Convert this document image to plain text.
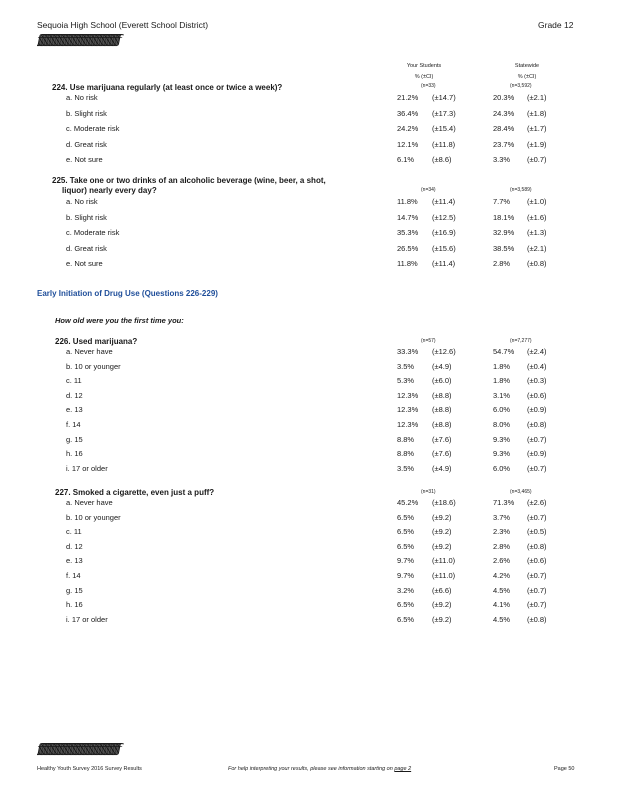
Sequoia High School (Everett School District)	Grade 12
ƒƒƒƒƒƒƒƒƒƒƒƒƒƒƒƒƒƒƒƒƒƒƒƒƒƒƒƒƒƒƒƒƒƒƒƒƒƒƒƒƒƒƒƒƒƒƒƒƒƒƒƒƒƒƒƒƒƒƒƒƒƒ
Your Students
% (±CI)
Statewide
% (±CI)
224. Use marijuana regularly (at least once or twice a week)?	(n=33)	(n=3,592)
a. No risk	21.2% (±14.7)	20.3% (±2.1)
b. Slight risk	36.4% (±17.3)	24.3% (±1.8)
c. Moderate risk	24.2% (±15.4)	28.4% (±1.7)
d. Great risk	12.1% (±11.8)	23.7% (±1.9)
e. Not sure	6.1% (±8.6)	3.3% (±0.7)
225. Take one or two drinks of an alcoholic beverage (wine, beer, a shot,
liquor) nearly every day?	(n=34)	(n=3,589)
a. No risk	11.8% (±11.4)	7.7% (±1.0)
b. Slight risk	14.7% (±12.5)	18.1% (±1.6)
c. Moderate risk	35.3% (±16.9)	32.9% (±1.3)
d. Great risk	26.5% (±15.6)	38.5% (±2.1)
e. Not sure	11.8% (±11.4)	2.8% (±0.8)
Early Initiation of Drug Use (Questions 226-229)
How old were you the first time you:
226. Used marijuana?	(n=57)	(n=7,277)
a. Never have	33.3% (±12.6)	54.7% (±2.4)
b. 10 or younger	3.5% (±4.9)	1.8% (±0.4)
c. 11	5.3% (±6.0)	1.8% (±0.3)
d. 12	12.3% (±8.8)	3.1% (±0.6)
e. 13	12.3% (±8.8)	6.0% (±0.9)
f. 14	12.3% (±8.8)	8.0% (±0.8)
g. 15	8.8% (±7.6)	9.3% (±0.7)
h. 16	8.8% (±7.6)	9.3% (±0.9)
i. 17 or older	3.5% (±4.9)	6.0% (±0.7)
227. Smoked a cigarette, even just a puff?	(n=31)	(n=3,465)
a. Never have	45.2% (±18.6)	71.3% (±2.6)
b. 10 or younger	6.5% (±9.2)	3.7% (±0.7)
c. 11	6.5% (±9.2)	2.3% (±0.5)
d. 12	6.5% (±9.2)	2.8% (±0.8)
e. 13	9.7% (±11.0)	2.6% (±0.6)
f. 14	9.7% (±11.0)	4.2% (±0.7)
g. 15	3.2% (±6.6)	4.5% (±0.7)
h. 16	6.5% (±9.2)	4.1% (±0.7)
i. 17 or older	6.5% (±9.2)	4.5% (±0.8)
ƒƒƒƒƒƒƒƒƒƒƒƒƒƒƒƒƒƒƒƒƒƒƒƒƒƒƒƒƒƒƒƒƒƒƒƒƒƒƒƒƒƒƒƒƒƒƒƒƒƒƒƒƒƒƒƒƒƒƒƒƒƒ
Healthy Youth Survey 2016 Survey Results	For help interpreting your results, please see information starting on page 2	Page 50
